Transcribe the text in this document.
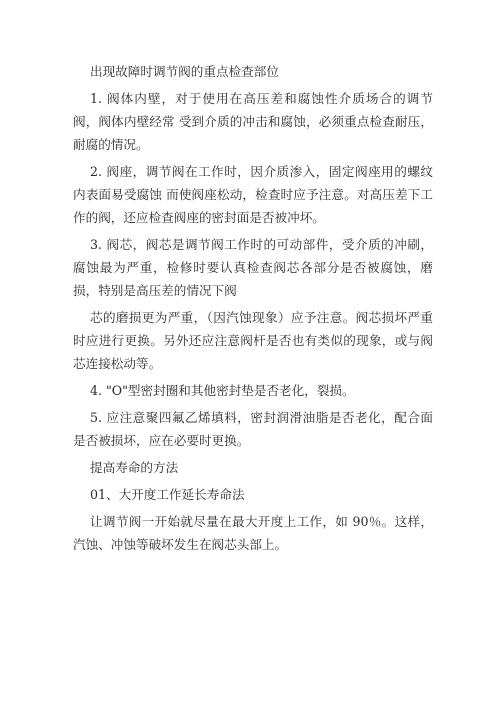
出现故障时调节阀的重点检查部位

1. 阀体内壁，对于使用在高压差和腐蚀性介质场合的调节阀，阀体内壁经常 受到介质的冲击和腐蚀，必须重点检查耐压，耐腐的情况。

2. 阀座，调节阀在工作时，因介质渗入，固定阀座用的螺纹内表面易受腐蚀 而使阀座松动，检查时应予注意。对高压差下工作的阀，还应检查阀座的密封面是否被冲坏。

3. 阀芯，阀芯是调节阀工作时的可动部件，受介质的冲刷，腐蚀最为严重，检修时要认真检查阀芯各部分是否被腐蚀，磨损，特别是高压差的情况下阀

芯的磨损更为严重，（因汽蚀现象）应予注意。阀芯损坏严重时应进行更换。另外还应注意阀杆是否也有类似的现象，或与阀芯连接松动等。

4. "O"型密封圈和其他密封垫是否老化，裂损。

5. 应注意聚四氟乙烯填料，密封润滑油脂是否老化，配合面是否被损坏，应在必要时更换。

提高寿命的方法

01、大开度工作延长寿命法

让调节阀一开始就尽量在最大开度上工作，如 90％。这样，汽蚀、冲蚀等破坏发生在阀芯头部上。
